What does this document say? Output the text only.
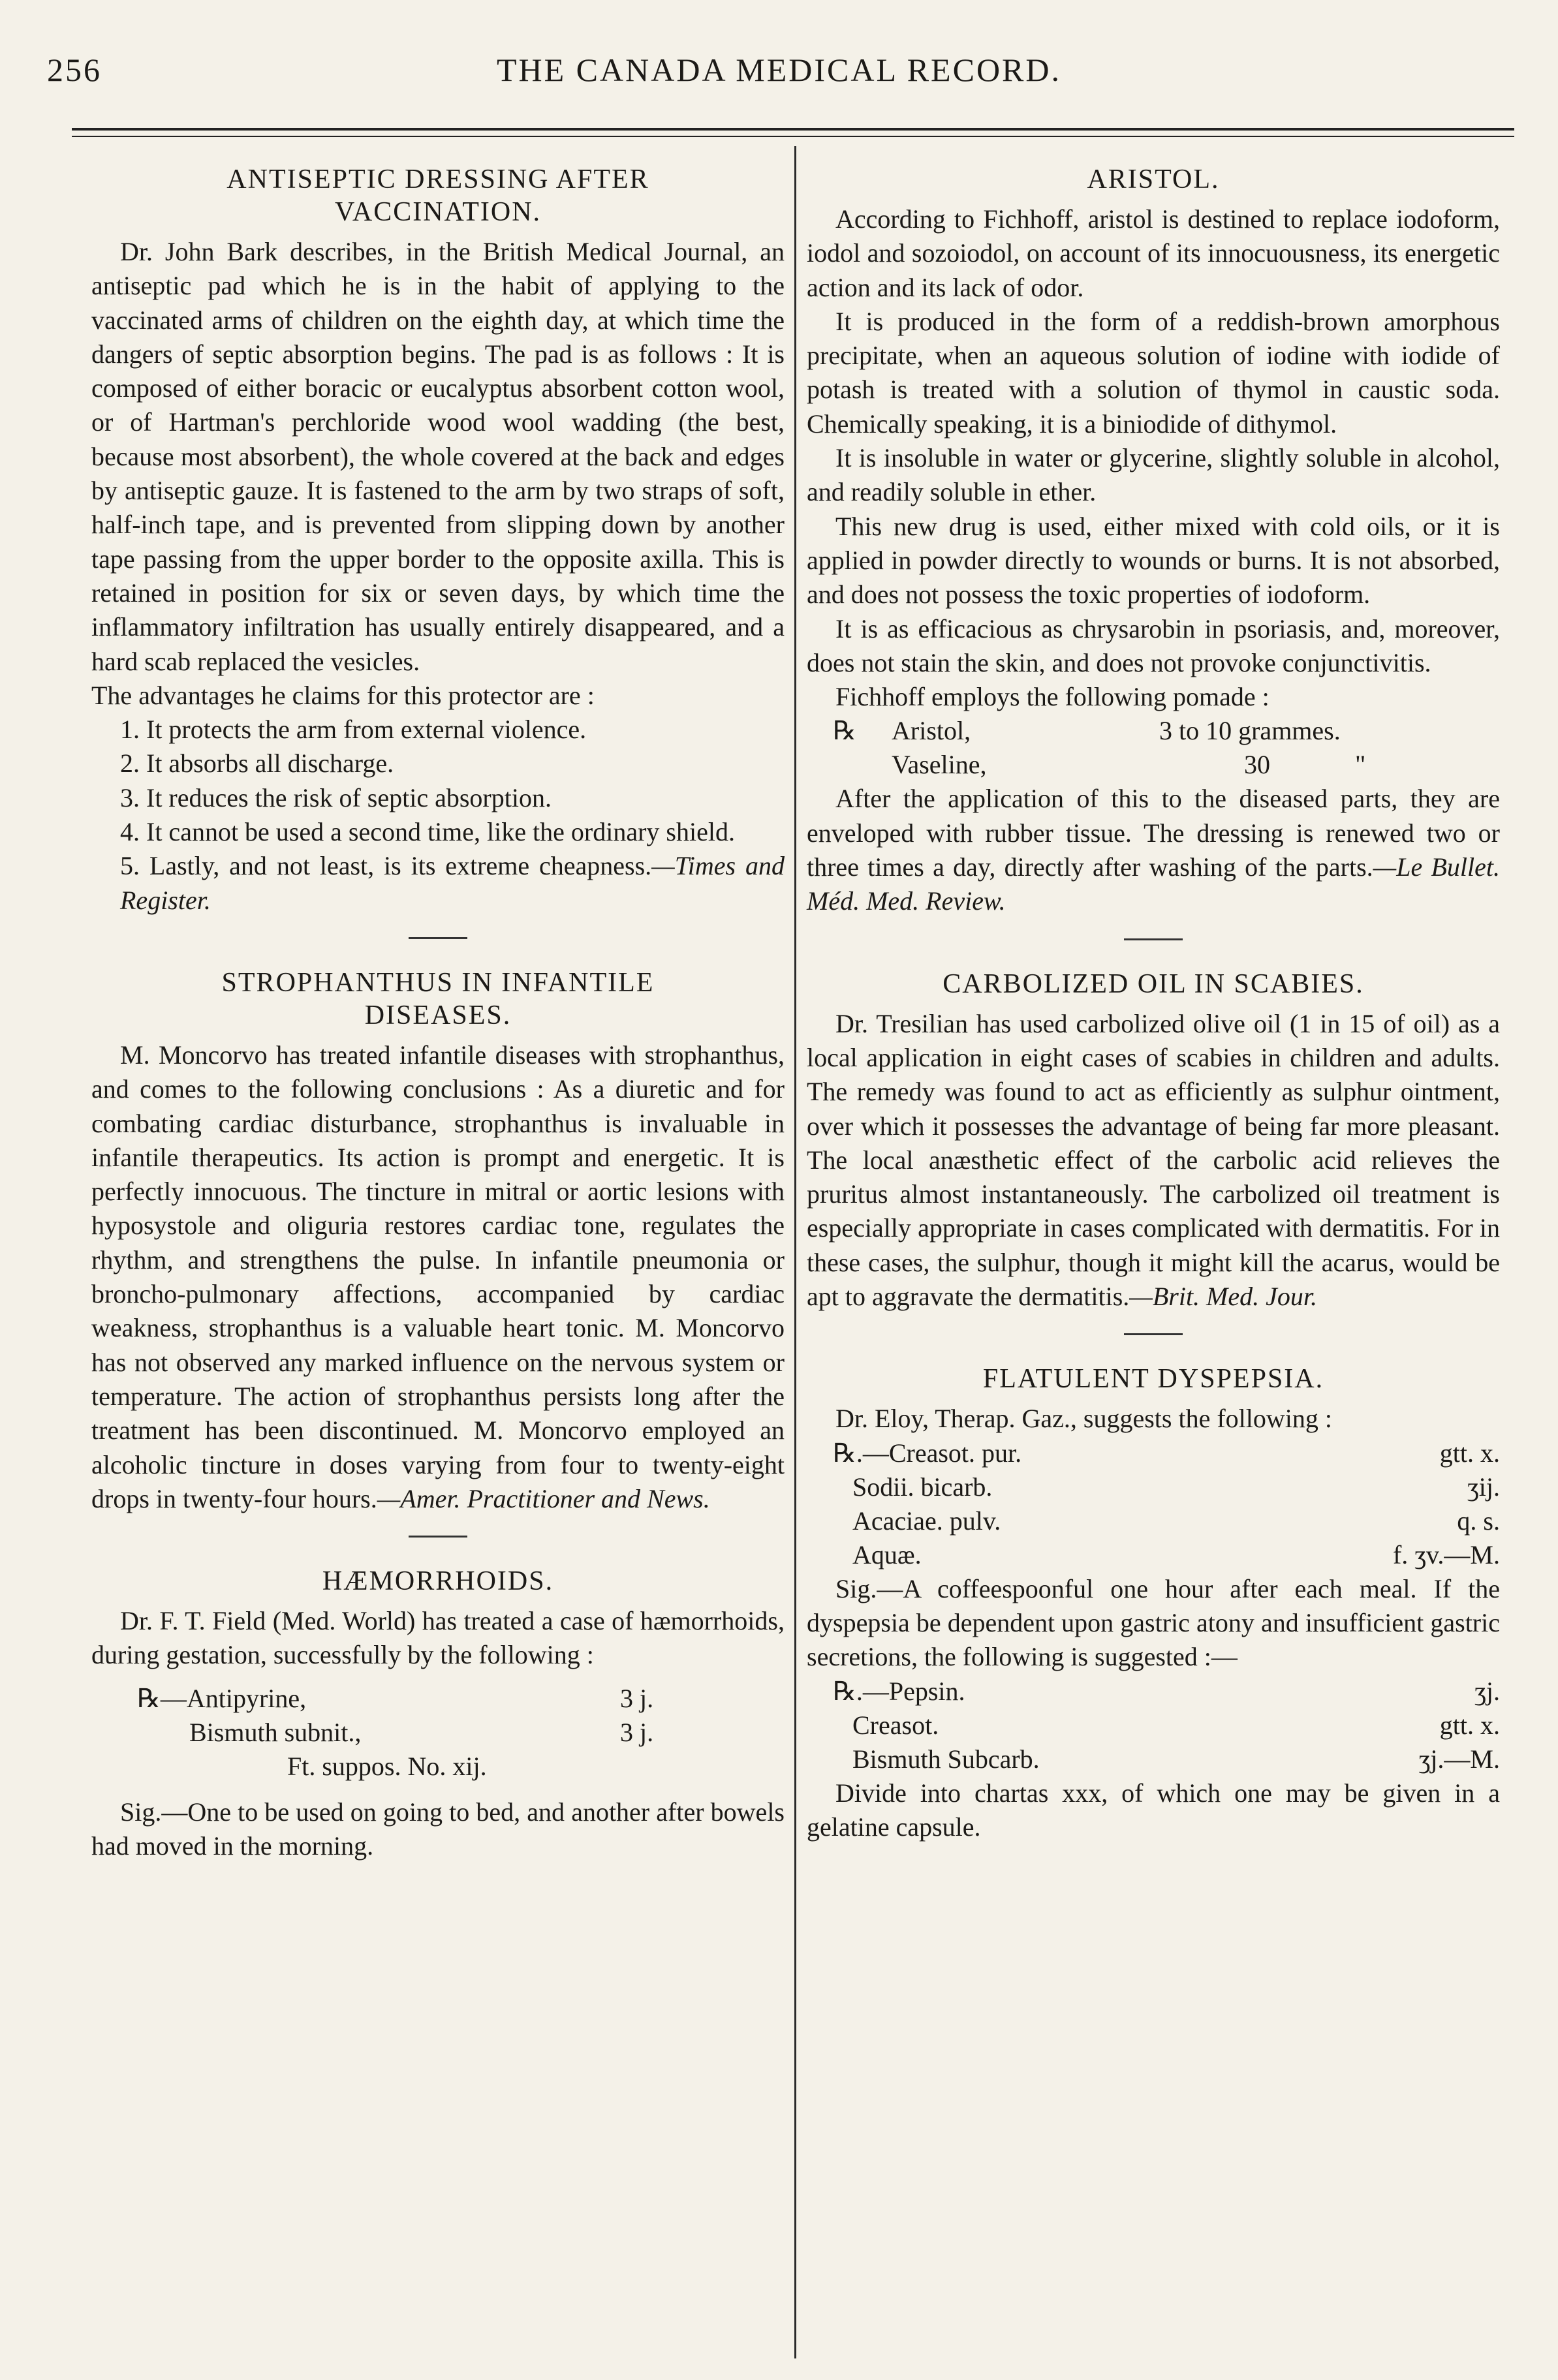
256	THE CANADA MEDICAL RECORD.
ANTISEPTIC DRESSING AFTER
VACCINATION.

Dr. John Bark describes, in the British Medical Journal, an antiseptic pad which he is in the habit of applying to the vaccinated arms of children on the eighth day, at which time the dangers of septic absorption begins. The pad is as follows : It is composed of either boracic or eucalyptus absorbent cotton wool, or of Hartman's perchloride wood wool wadding (the best, because most absorbent), the whole covered at the back and edges by antiseptic gauze. It is fastened to the arm by two straps of soft, half-inch tape, and is prevented from slipping down by another tape passing from the upper border to the opposite axilla. This is retained in position for six or seven days, by which time the inflammatory infiltration has usually entirely disappeared, and a hard scab replaced the vesicles.

The advantages he claims for this protector are :

1. It protects the arm from external violence.
2. It absorbs all discharge.
3. It reduces the risk of septic absorption.
4. It cannot be used a second time, like the ordinary shield.
5. Lastly, and not least, is its extreme cheapness.—Times and Register.
STROPHANTHUS IN INFANTILE
DISEASES.

M. Moncorvo has treated infantile diseases with strophanthus, and comes to the following conclusions : As a diuretic and for combating cardiac disturbance, strophanthus is invaluable in infantile therapeutics. Its action is prompt and energetic. It is perfectly innocuous. The tincture in mitral or aortic lesions with hyposystole and oliguria restores cardiac tone, regulates the rhythm, and strengthens the pulse. In infantile pneumonia or broncho-pulmonary affections, accompanied by cardiac weakness, strophanthus is a valuable heart tonic. M. Moncorvo has not observed any marked influence on the nervous system or temperature. The action of strophanthus persists long after the treatment has been discontinued. M. Moncorvo employed an alcoholic tincture in doses varying from four to twenty-eight drops in twenty-four hours.—Amer. Practitioner and News.

HÆMORRHOIDS.

Dr. F. T. Field (Med. World) has treated a case of hæmorrhoids, during gestation, successfully by the following :

℞—Antipyrine,	3 j.
Bismuth subnit.,	3 j.
Ft. suppos. No. xij.

Sig.—One to be used on going to bed, and another after bowels had moved in the morning.

ARISTOL.

According to Fichhoff, aristol is destined to replace iodoform, iodol and sozoiodol, on account of its innocuousness, its energetic action and its lack of odor.

It is produced in the form of a reddish-brown amorphous precipitate, when an aqueous solution of iodine with iodide of potash is treated with a solution of thymol in caustic soda. Chemically speaking, it is a biniodide of dithymol.

It is insoluble in water or glycerine, slightly soluble in alcohol, and readily soluble in ether.

This new drug is used, either mixed with cold oils, or it is applied in powder directly to wounds or burns. It is not absorbed, and does not possess the toxic properties of iodoform.

It is as efficacious as chrysarobin in psoriasis, and, moreover, does not stain the skin, and does not provoke conjunctivitis.

Fichhoff employs the following pomade :

℞ Aristol,	3 to 10 grammes.
Vaseline,	30	"

After the application of this to the diseased parts, they are enveloped with rubber tissue. The dressing is renewed two or three times a day, directly after washing of the parts.—Le Bullet. Méd. Med. Review.

CARBOLIZED OIL IN SCABIES.

Dr. Tresilian has used carbolized olive oil (1 in 15 of oil) as a local application in eight cases of scabies in children and adults. The remedy was found to act as efficiently as sulphur ointment, over which it possesses the advantage of being far more pleasant. The local anæsthetic effect of the carbolic acid relieves the pruritus almost instantaneously. The carbolized oil treatment is especially appropriate in cases complicated with dermatitis. For in these cases, the sulphur, though it might kill the acarus, would be apt to aggravate the dermatitis.—Brit. Med. Jour.

FLATULENT DYSPEPSIA.

Dr. Eloy, Therap. Gaz., suggests the following :

℞.—Creasot. pur.	gtt. x.
Sodii. bicarb.	ʒij.
Acaciae. pulv.	q. s.
Aquæ.	f. ʒv.—M.

Sig.—A coffeespoonful one hour after each meal. If the dyspepsia be dependent upon gastric atony and insufficient gastric secretions, the following is suggested :—

℞.—Pepsin.	ʒj.
Creasot.	gtt. x.
Bismuth Subcarb.	ʒj.—M.

Divide into chartas xxx, of which one may be given in a gelatine capsule.
